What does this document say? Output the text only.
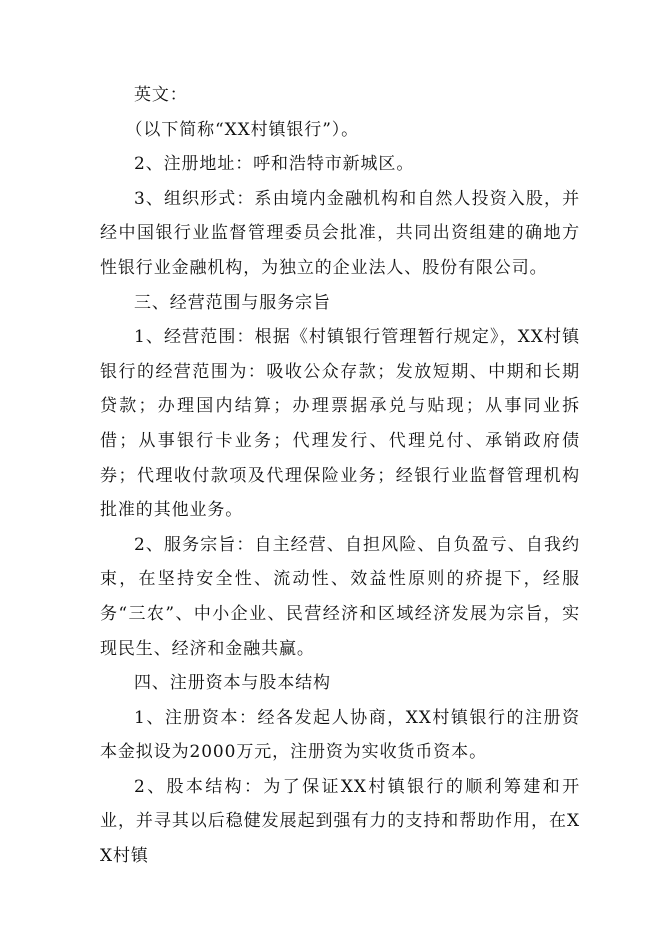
英文：

（以下简称“XX村镇银行”）。

2、注册地址：呼和浩特市新城区。

3、组织形式：系由境内金融机构和自然人投资入股，并经中国银行业监督管理委员会批准，共同出资组建的确地方性银行业金融机构，为独立的企业法人、股份有限公司。

三、经营范围与服务宗旨

1、经营范围：根据《村镇银行管理暂行规定》，XX村镇银行的经营范围为：吸收公众存款；发放短期、中期和长期贷款；办理国内结算；办理票据承兑与贴现；从事同业拆借；从事银行卡业务；代理发行、代理兑付、承销政府债券；代理收付款项及代理保险业务；经银行业监督管理机构批准的其他业务。

2、服务宗旨：自主经营、自担风险、自负盈亏、自我约束，在坚持安全性、流动性、效益性原则的疥提下，经服务“三农”、中小企业、民营经济和区域经济发展为宗旨，实现民生、经济和金融共赢。

四、注册资本与股本结构

1、注册资本：经各发起人协商，XX村镇银行的注册资本金拟设为2000万元，注册资为实收货币资本。

2、股本结构：为了保证XX村镇银行的顺利筹建和开业，并寻其以后稳健发展起到强有力的支持和帮助作用，在XX村镇
